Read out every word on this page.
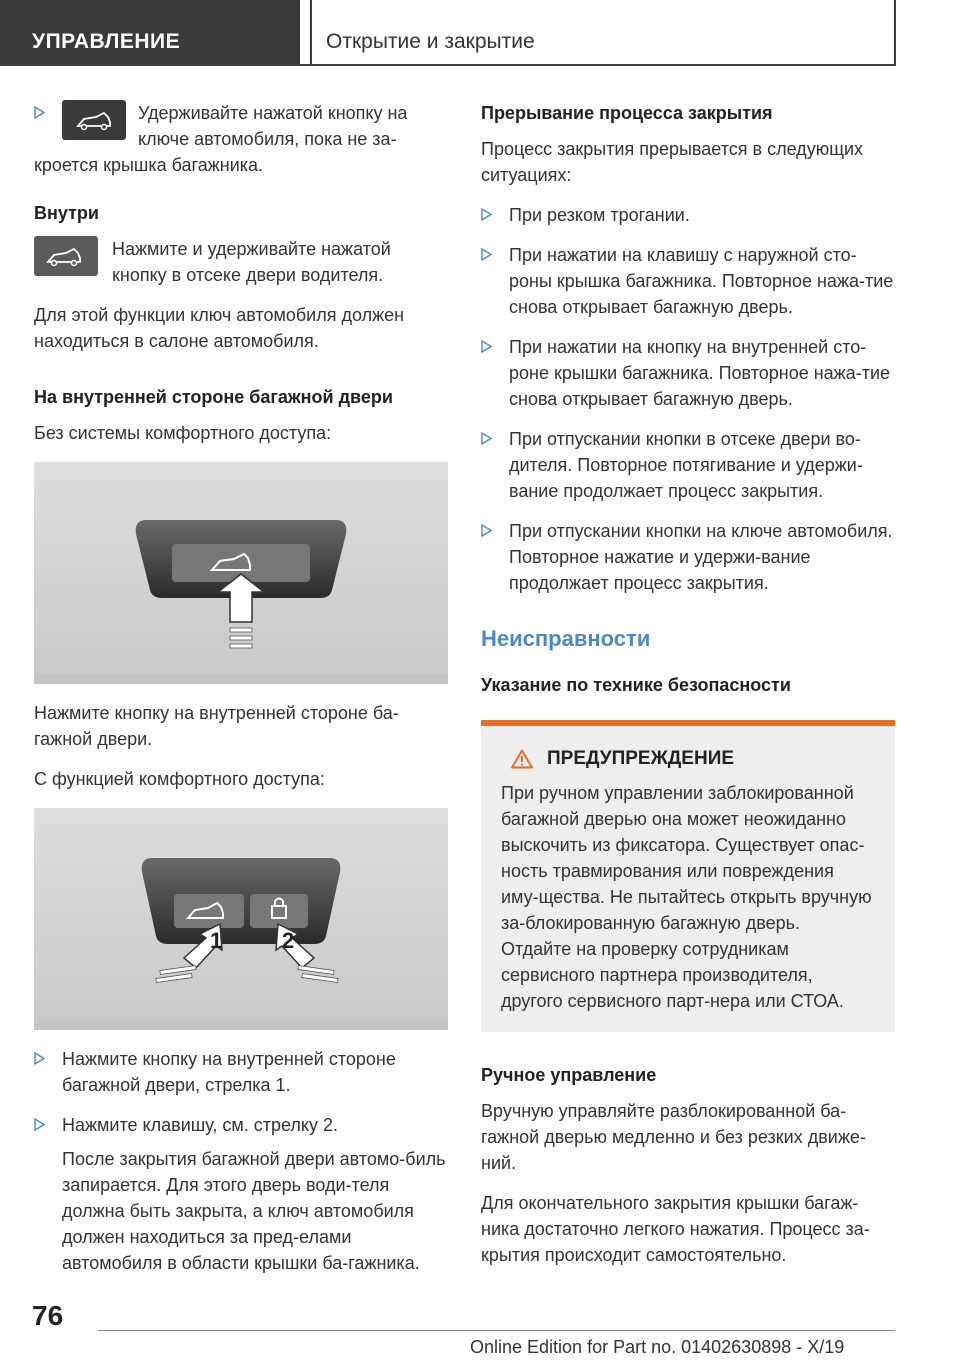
УПРАВЛЕНИЕ	Открытие и закрытие
Удерживайте нажатой кнопку на ключе автомобиля, пока не за-кроется крышка багажника.
Внутри
Нажмите и удерживайте нажатой кнопку в отсеке двери водителя.

Для этой функции ключ автомобиля должен находиться в салоне автомобиля.

На внутренней стороне багажной двери

Без системы комфортного доступа:

Нажмите кнопку на внутренней стороне ба-гажной двери.

С функцией комфортного доступа:

1	2
Нажмите кнопку на внутренней стороне багажной двери, стрелка 1.
Нажмите клавишу, см. стрелку 2.

После закрытия багажной двери автомо-биль запирается. Для этого дверь води-теля должна быть закрыта, а ключ автомобиля должен находиться за пред-елами автомобиля в области крышки ба-гажника.

Прерывание процесса закрытия

Процесс закрытия прерывается в следующих ситуациях:

При резком трогании.
При нажатии на клавишу с наружной сто-роны крышка багажника. Повторное нажа-тие снова открывает багажную дверь.
При нажатии на кнопку на внутренней сто-роне крышки багажника. Повторное нажа-тие снова открывает багажную дверь.
При отпускании кнопки в отсеке двери во-дителя. Повторное потягивание и удержи-вание продолжает процесс закрытия.
При отпускании кнопки на ключе автомобиля. Повторное нажатие и удержи-вание продолжает процесс закрытия.
Неисправности
Указание по технике безопасности
ПРЕДУПРЕЖДЕНИЕ
При ручном управлении заблокированной багажной дверью она может неожиданно выскочить из фиксатора. Существует опас-ность травмирования или повреждения иму-щества. Не пытайтесь открыть вручную за-блокированную багажную дверь. Отдайте на проверку сотрудникам сервисного партнера производителя, другого сервисного парт-нера или СТОА.
Ручное управление

Вручную управляйте разблокированной ба-гажной дверью медленно и без резких движе-ний.

Для окончательного закрытия крышки багаж-ника достаточно легкого нажатия. Процесс за-крытия происходит самостоятельно.

76
Online Edition for Part no. 01402630898 - X/19
